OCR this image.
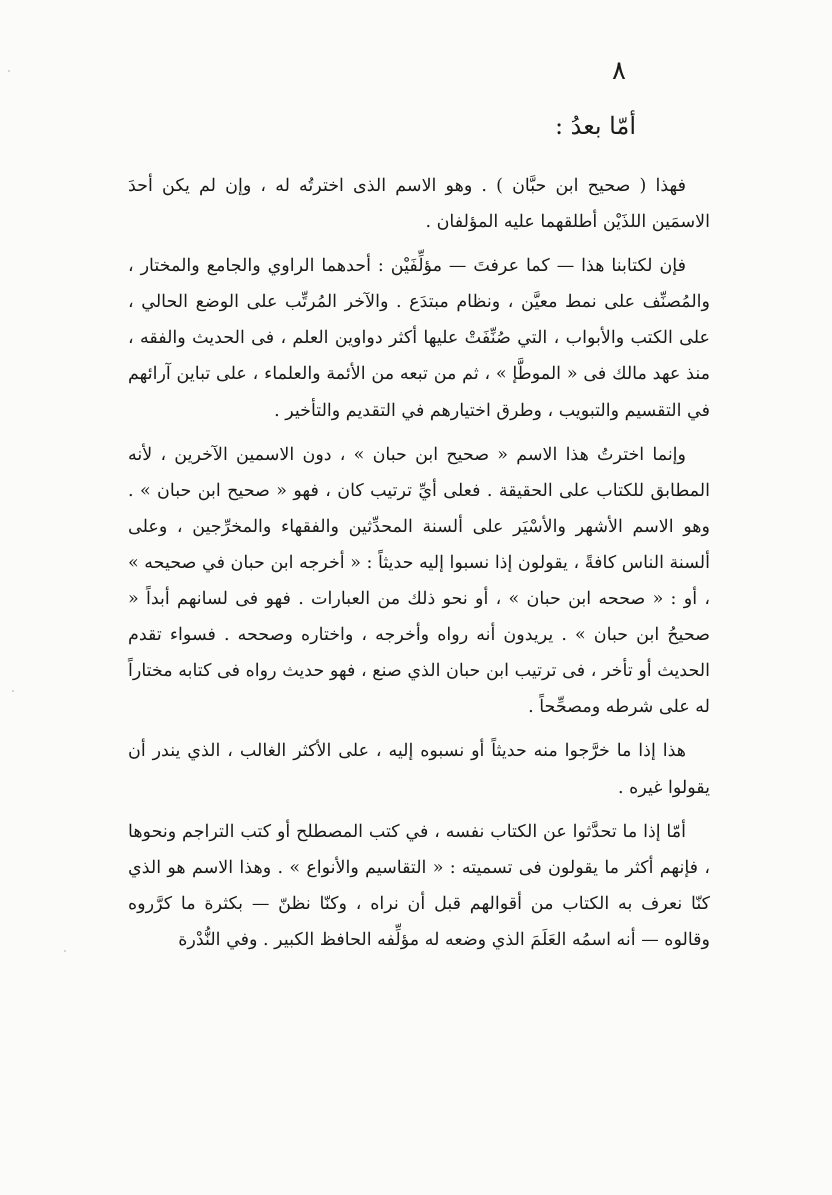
٨
أمّا بعدُ :

فهذا ( صحيح ابن حبَّان ) . وهو الاسم الذى اخترتُه له ، وإن لم يكن أحدَ الاسمَين اللذَيْن أطلقهما عليه المؤلفان .

فإن لكتابنا هذا — كما عرفتَ — مؤلِّفَيْن : أحدهما الراوي والجامع والمختار ، والمُصنِّف على نمط معيَّن ، ونظام مبتدَع . والآخر المُرتِّب على الوضع الحالي ، على الكتب والأبواب ، التي صُنِّفَتْ عليها أكثر دواوين العلم ، فى الحديث والفقه ، منذ عهد مالك فى « الموطَّإ » ، ثم من تبعه من الأئمة والعلماء ، على تباين آرائهم في التقسيم والتبويب ، وطرق اختيارهم في التقديم والتأخير .

وإنما اخترتُ هذا الاسم « صحيح ابن حبان » ، دون الاسمين الآخرين ، لأنه المطابق للكتاب على الحقيقة . فعلى أيِّ ترتيب كان ، فهو « صحيح ابن حبان » . وهو الاسم الأشهر والأسْيَر على ألسنة المحدِّثين والفقهاء والمخرِّجين ، وعلى ألسنة الناس كافةً ، يقولون إذا نسبوا إليه حديثاً : « أخرجه ابن حبان في صحيحه » ، أو : « صححه ابن حبان » ، أو نحو ذلك من العبارات . فهو فى لسانهم أبداً « صحيحُ ابن حبان » . يريدون أنه رواه وأخرجه ، واختاره وصححه . فسواء تقدم الحديث أو تأخر ، فى ترتيب ابن حبان الذي صنع ، فهو حديث رواه فى كتابه مختاراً له على شرطه ومصحِّحاً .

هذا إذا ما خرَّجوا منه حديثاً أو نسبوه إليه ، على الأكثر الغالب ، الذي يندر أن يقولوا غيره .

أمّا إذا ما تحدَّثوا عن الكتاب نفسه ، في كتب المصطلح أو كتب التراجم ونحوها ، فإنهم أكثر ما يقولون فى تسميته : « التقاسيم والأنواع » . وهذا الاسم هو الذي كنّا نعرف به الكتاب من أقوالهم قبل أن نراه ، وكنّا نظنّ — بكثرة ما كرَّروه وقالوه — أنه اسمُه العَلَمَ الذي وضعه له مؤلِّفه الحافظ الكبير . وفي النُّدْرة
